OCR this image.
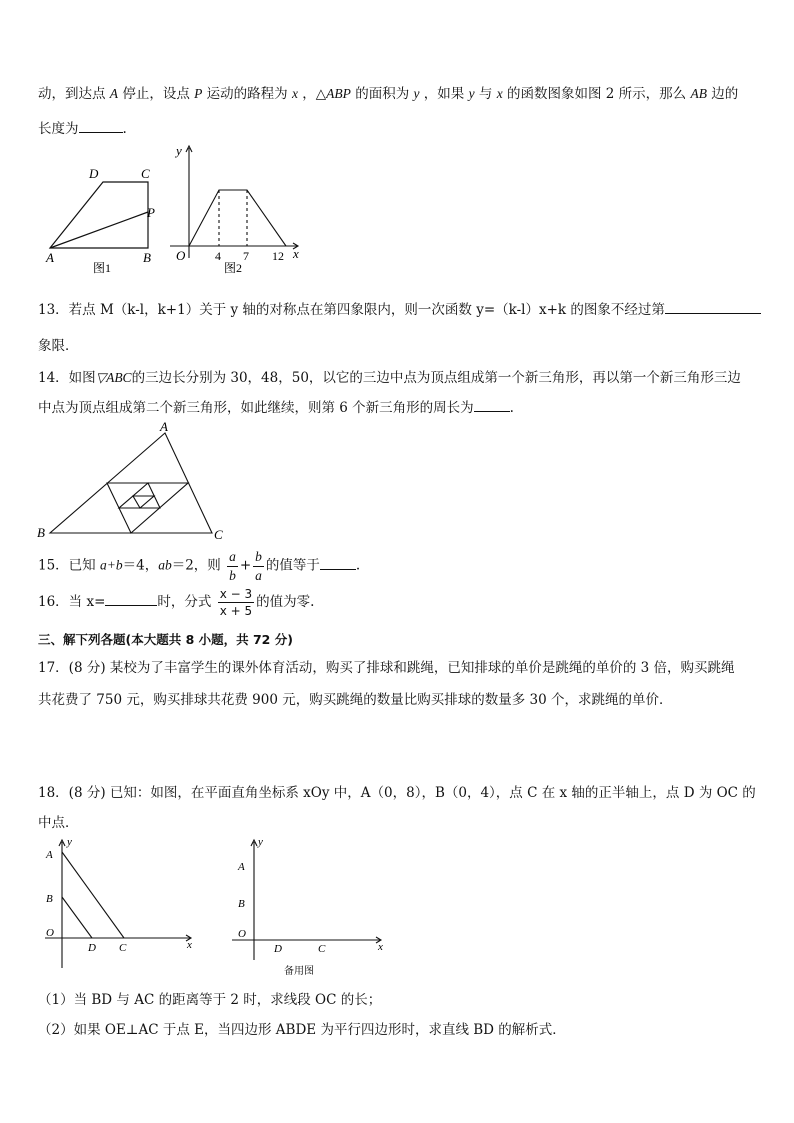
动，到达点 A 停止，设点 P 运动的路程为 x ，△ABP 的面积为 y ，如果 y 与 x 的函数图象如图 2 所示，那么 AB 边的
长度为	.
D	C
P
A	B
图1
y
x
O 4 7 12
图2
13．若点 M（k-l，k+1）关于 y 轴的对称点在第四象限内，则一次函数 y=（k-l）x+k 的图象不经过第
象限．
14．如图▽ABC的三边长分别为 30，48，50，以它的三边中点为顶点组成第一个新三角形，再以第一个新三角形三边
中点为顶点组成第二个新三角形，如此继续，则第 6 个新三角形的周长为	.
A
B	C
15．已知 a+b＝4，ab＝2，则 $\frac{a}{b} + \frac{b}{a}$ 的值等于	.
16．当 x=	时，分式 $\frac{x - 3}{x + 5}$ 的值为零.
三、解下列各题(本大题共 8 小题，共 72 分)
17．(8 分) 某校为了丰富学生的课外体育活动，购买了排球和跳绳，已知排球的单价是跳绳的单价的 3 倍，购买跳绳
共花费了 750 元，购买排球共花费 900 元，购买跳绳的数量比购买排球的数量多 30 个，求跳绳的单价．
18．(8 分) 已知：如图，在平面直角坐标系 xOy 中，A（0，8），B（0，4），点 C 在 x 轴的正半轴上，点 D 为 OC 的
中点．
y
x
A
B
O
D C
y
x
A
B
O
D	C
备用图
（1）当 BD 与 AC 的距离等于 2 时，求线段 OC 的长；
（2）如果 OE⊥AC 于点 E，当四边形 ABDE 为平行四边形时，求直线 BD 的解析式．
